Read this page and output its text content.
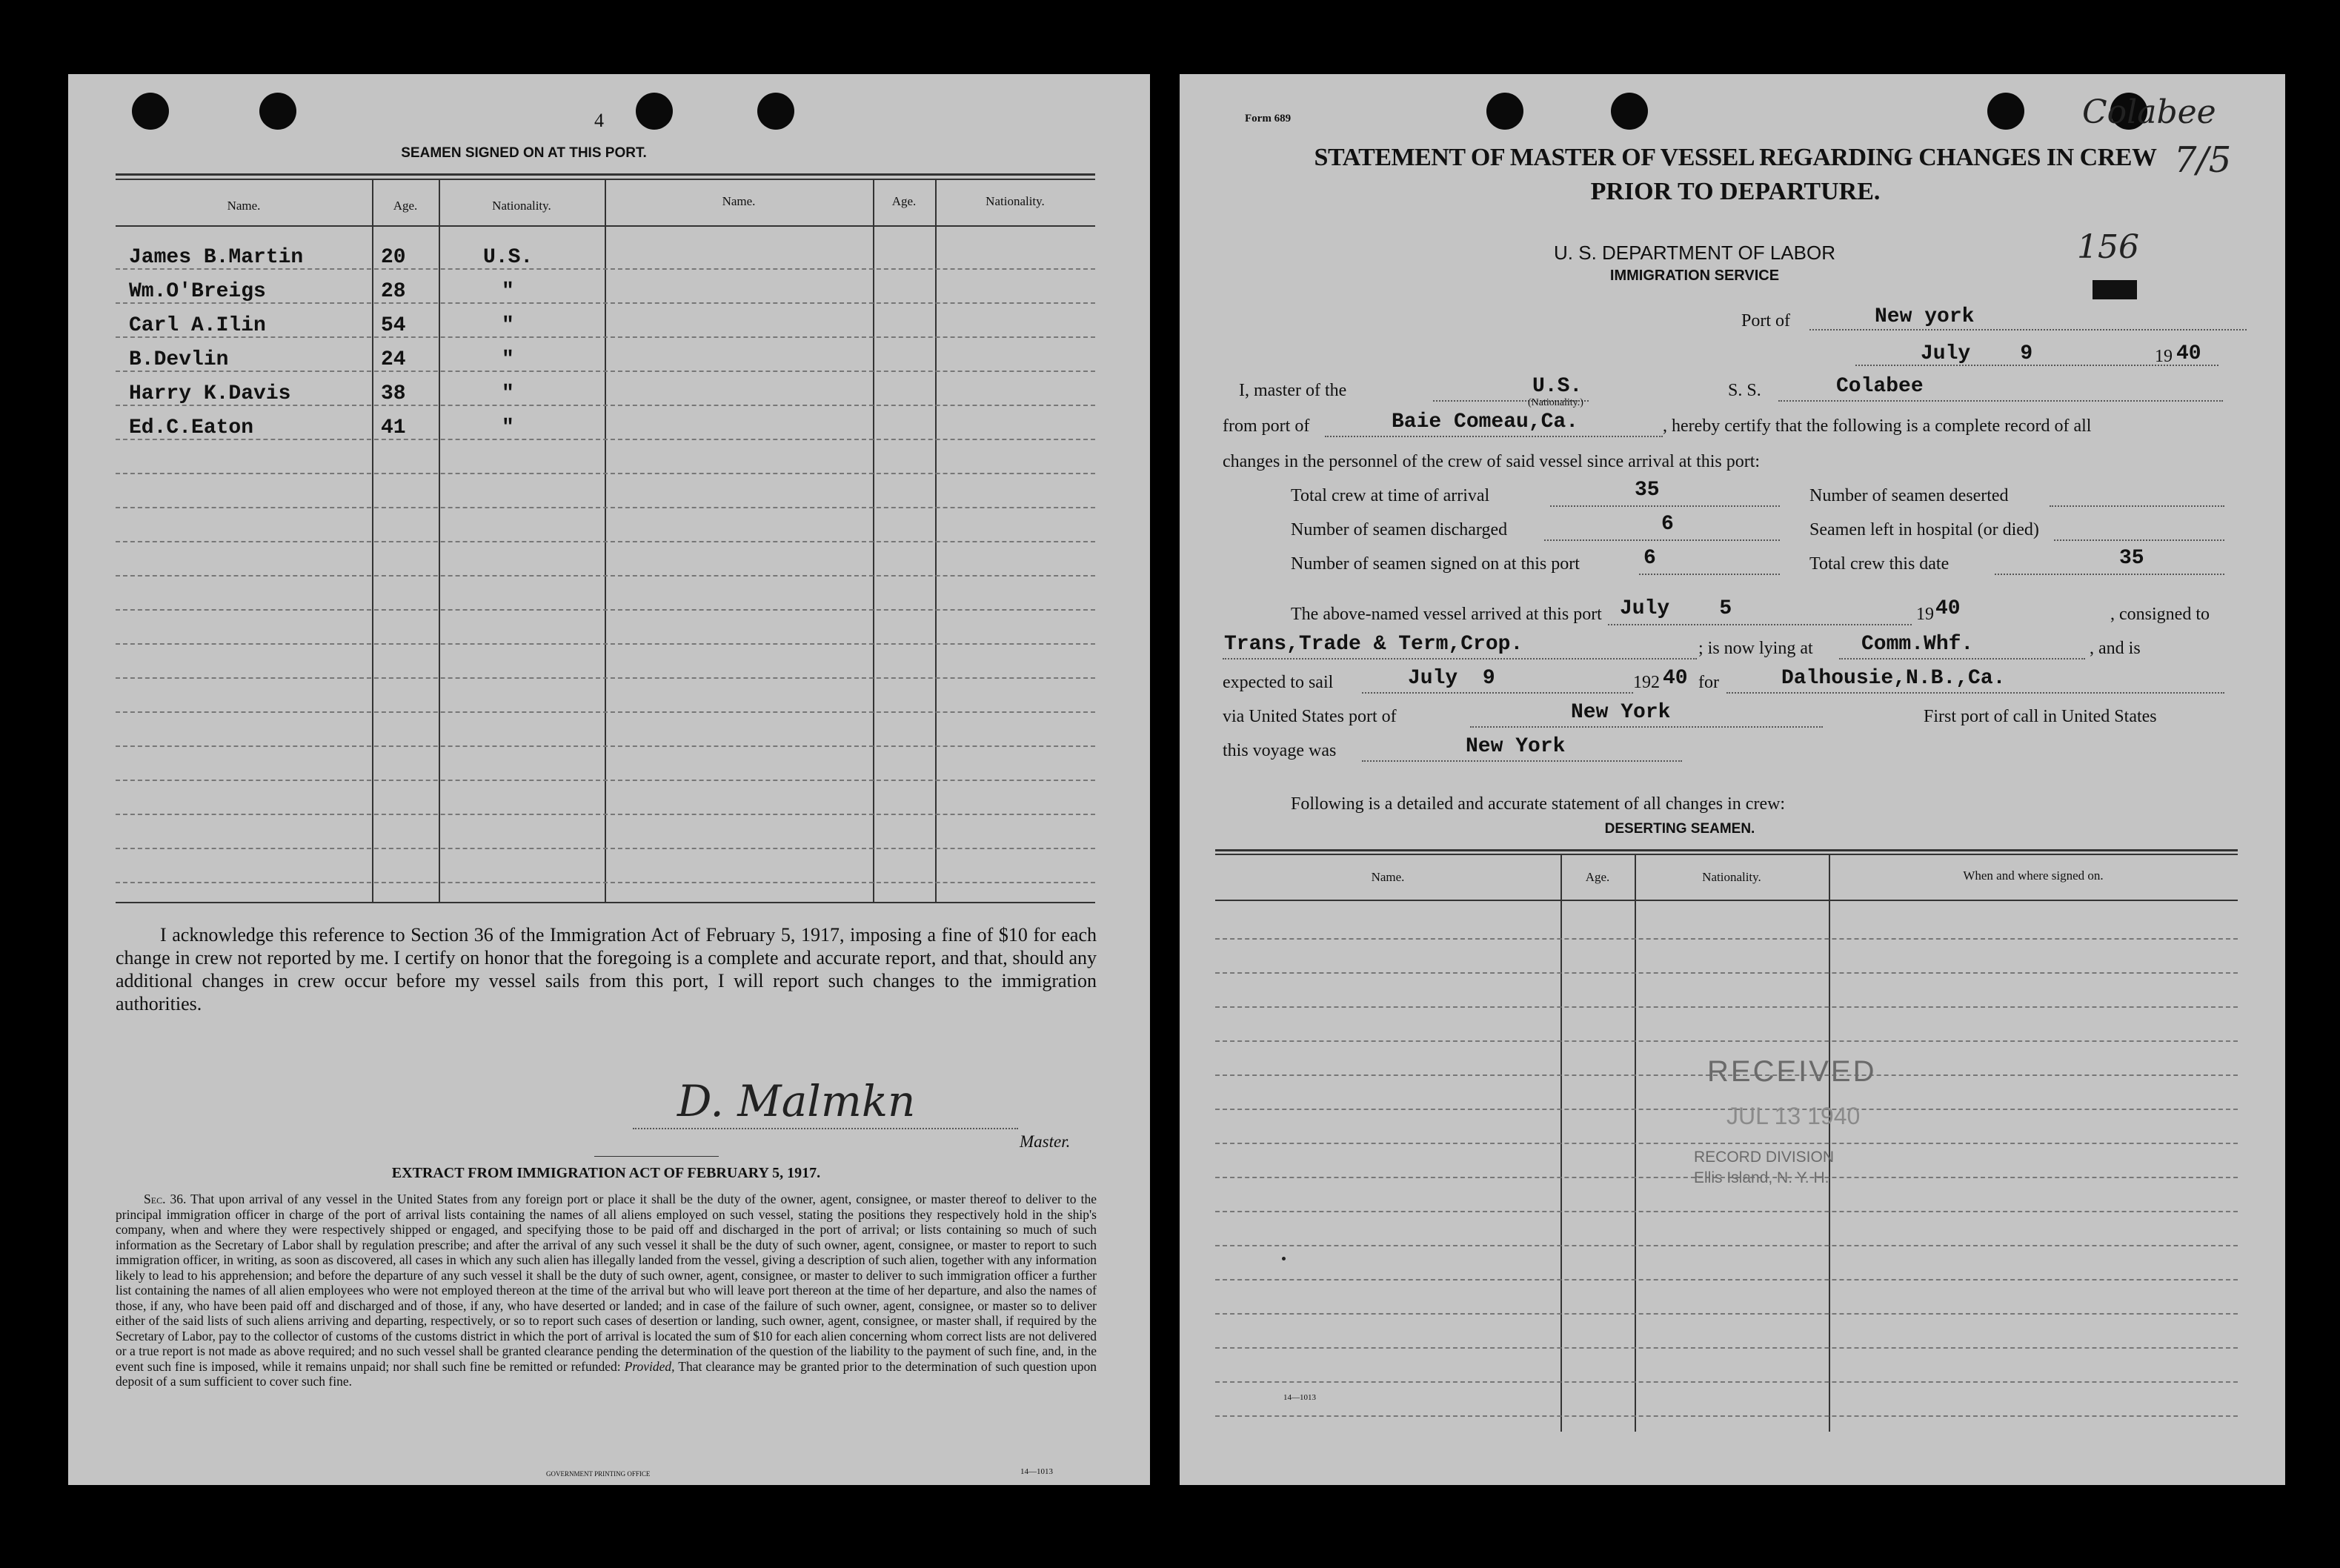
4
SEAMEN SIGNED ON AT THIS PORT.
Name.	Age.	Nationality.	Name.	Age.	Nationality.
James B.Martin	20	U.S.
Wm.O'Breigs	28	"
Carl A.Ilin	54	"
B.Devlin	24	"
Harry K.Davis	38	"
Ed.C.Eaton	41	"
I acknowledge this reference to Section 36 of the Immigration Act of February 5, 1917, imposing a fine of $10 for each change in crew not reported by me. I certify on honor that the foregoing is a complete and accurate report, and that, should any additional changes in crew occur before my vessel sails from this port, I will report such changes to the immigration authorities.
D. Malmkn
Master.
EXTRACT FROM IMMIGRATION ACT OF FEBRUARY 5, 1917.
Sec. 36. That upon arrival of any vessel in the United States from any foreign port or place it shall be the duty of the owner, agent, consignee, or master thereof to deliver to the principal immigration officer in charge of the port of arrival lists containing the names of all aliens employed on such vessel, stating the positions they respectively hold in the ship's company, when and where they were respectively shipped or engaged, and specifying those to be paid off and discharged in the port of arrival; or lists containing so much of such information as the Secretary of Labor shall by regulation prescribe; and after the arrival of any such vessel it shall be the duty of such owner, agent, consignee, or master to report to such immigration officer, in writing, as soon as discovered, all cases in which any such alien has illegally landed from the vessel, giving a description of such alien, together with any information likely to lead to his apprehension; and before the departure of any such vessel it shall be the duty of such owner, agent, consignee, or master to deliver to such immigration officer a further list containing the names of all alien employees who were not employed thereon at the time of the arrival but who will leave port thereon at the time of her departure, and also the names of those, if any, who have been paid off and discharged and of those, if any, who have deserted or landed; and in case of the failure of such owner, agent, consignee, or master so to deliver either of the said lists of such aliens arriving and departing, respectively, or so to report such cases of desertion or landing, such owner, agent, consignee, or master shall, if required by the Secretary of Labor, pay to the collector of customs of the customs district in which the port of arrival is located the sum of $10 for each alien concerning whom correct lists are not delivered or a true report is not made as above required; and no such vessel shall be granted clearance pending the determination of the question of the liability to the payment of such fine, and, in the event such fine is imposed, while it remains unpaid; nor shall such fine be remitted or refunded: Provided, That clearance may be granted prior to the determination of such question upon deposit of a sum sufficient to cover such fine.
GOVERNMENT PRINTING OFFICE	14—1013
Form 689	Colabee
7/5
STATEMENT OF MASTER OF VESSEL REGARDING CHANGES IN CREW
PRIOR TO DEPARTURE.
U. S. DEPARTMENT OF LABOR
IMMIGRATION SERVICE
156
Port of	New york
July    9	19 40
I, master of the	U.S.
(Nationality.)
S. S.	Colabee
from port of	Baie Comeau,Ca.	, hereby certify that the following is a complete record of all
changes in the personnel of the crew of said vessel since arrival at this port:
Total crew at time of arrival	35
Number of seamen discharged	6
Number of seamen signed on at this port	6
Number of seamen deserted
Seamen left in hospital (or died)
Total crew this date	35
The above-named vessel arrived at this port July    5	19 40	, consigned to
Trans,Trade & Term,Crop.	; is now lying at Comm.Whf.	, and is
expected to sail	July  9	192 40 for	Dalhousie,N.B.,Ca.
via United States port of	New York	First port of call in United States
this voyage was	New York
Following is a detailed and accurate statement of all changes in crew:
DESERTING SEAMEN.
Name.	Age.	Nationality.	When and where signed on.
RECEIVED
JUL 13 1940
RECORD DIVISION
Ellis Island, N. Y. H.
14—1013
